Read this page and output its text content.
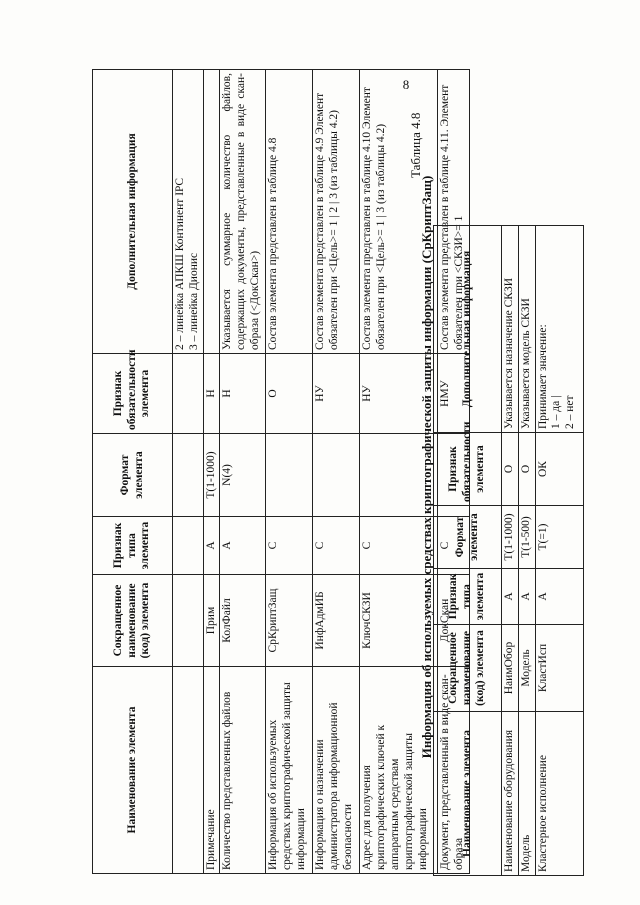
8
Наименование элемента	Сокращенное наименование (код) элемента	Признак типа элемента	Формат элемента	Признак обязательности элемента	Дополнительная информация

					2 – линейка АПКШ Континент IPC 3 – линейка Дионис

Примечание	Прим	А	Т(1-1000)	Н	
Количество представленных файлов	КолФайл	А	N(4)	Н	Указывается суммарное количество файлов, содержащих документы, представленные в виде скан-образа (<ДокСкан>)
Информация об используемых средствах криптографической защиты информации	СрКриптЗащ	С		О	Состав элемента представлен в таблице 4.8
Информация о назначении администратора информационной безопасности	ИнфАдмИБ	С		НУ	Состав элемента представлен в таблице 4.9 Элемент обязателен при <Цель>= 1 | 2 | 3 (из таблицы 4.2)
Адрес для получения криптографических ключей к аппаратным средствам криптографической защиты информации	КлючСКЗИ	С		НУ	Состав элемента представлен в таблице 4.10 Элемент обязателен при <Цель>= 1 | 3 (из таблицы 4.2)
Документ, представленный в виде скан-образа	ДокСкан	С		НМУ	Состав элемента представлен в таблице 4.11. Элемент обязателен при <СКЗИ>= 1
Таблица 4.8
Информация об используемых средствах криптографической защиты информации (СрКриптЗащ)
Наименование элемента	Сокращенное наименование (код) элемента	Признак типа элемента	Формат элемента	Признак обязательности элемента	Дополнительная информация
Наименование оборудования	НаимОбор	А	Т(1-1000)	О	Указывается назначение СКЗИ
Модель	Модель	А	Т(1-500)	О	Указывается модель СКЗИ
Кластерное исполнение	КластИсп	А	Т(=1)	ОК	Принимает значение: 1 – да | 2 – нет
